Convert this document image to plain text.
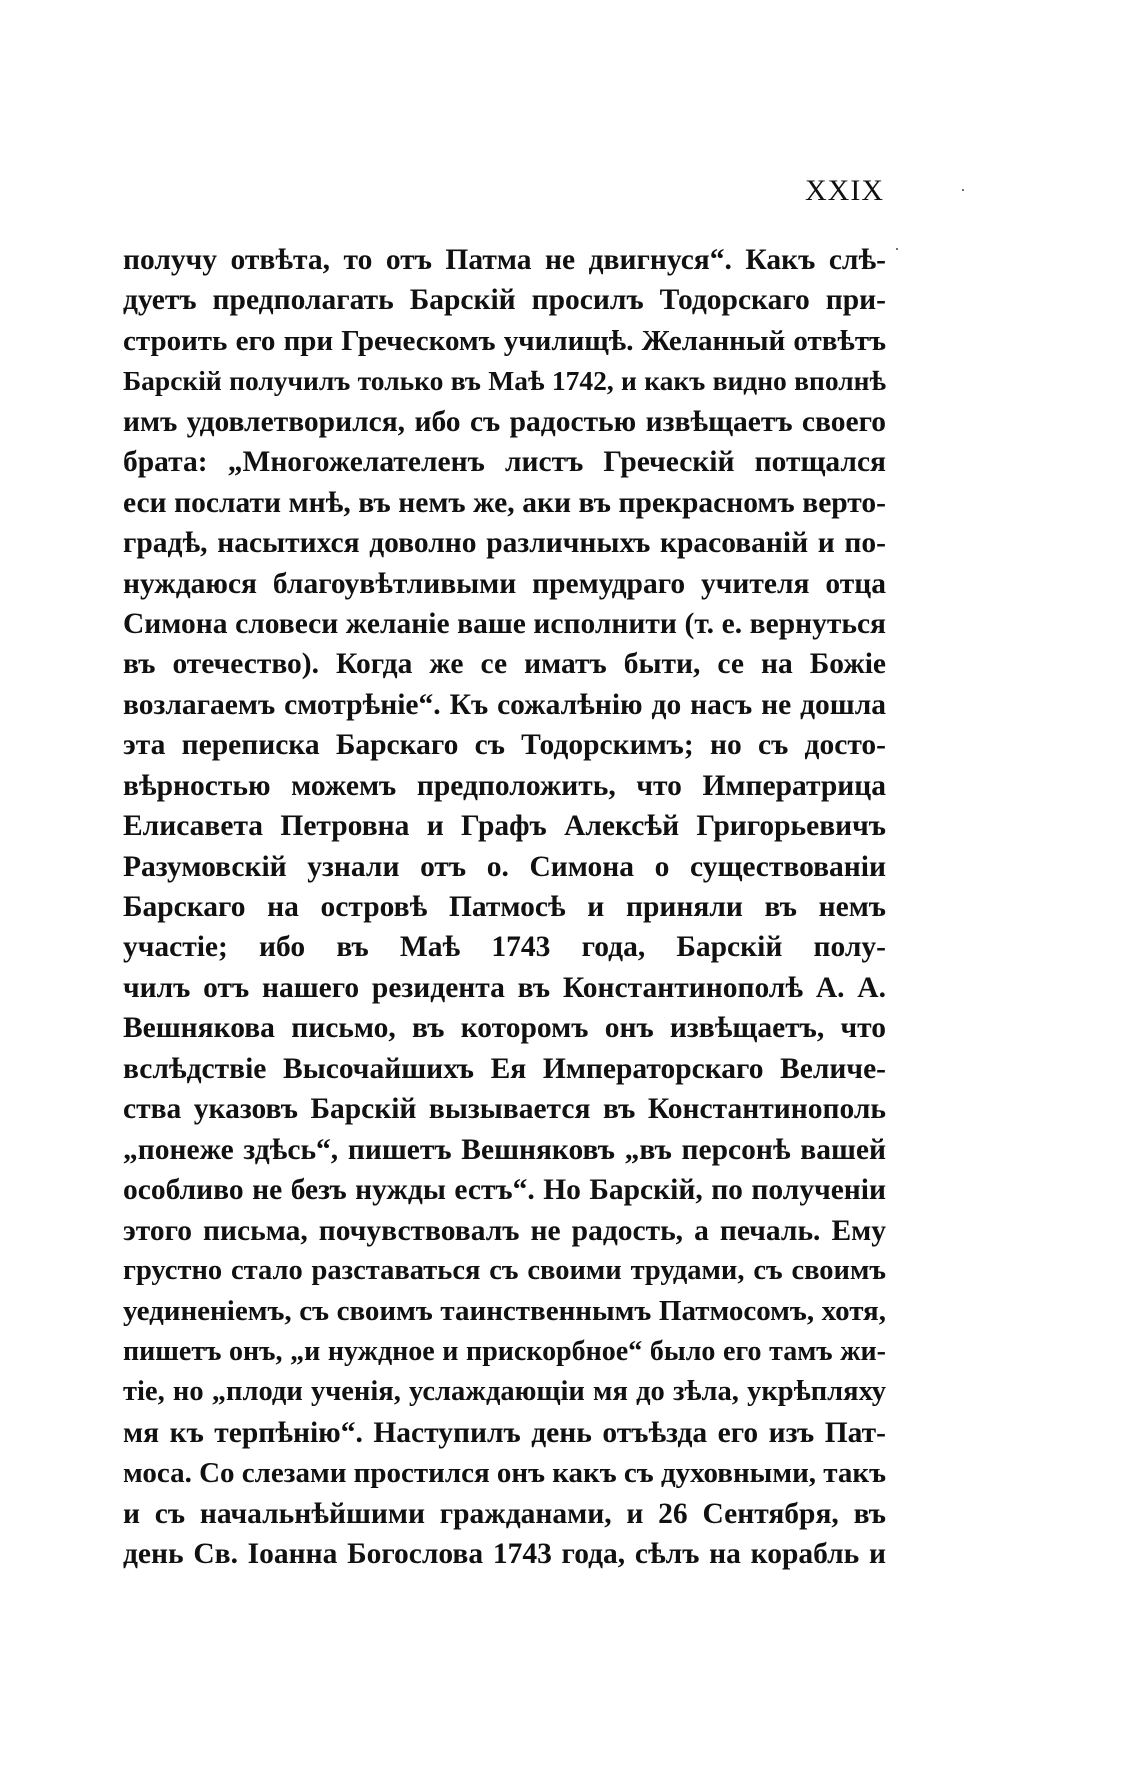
XXIX
получу отвѣта, то отъ Патма не двигнуся“. Какъ слѣ-
дуетъ предполагать Барскій просилъ Тодорскаго при-
строить его при Греческомъ училищѣ. Желанный отвѣтъ
Барскій получилъ только въ Маѣ 1742, и какъ видно вполнѣ
имъ удовлетворился, ибо съ радостью извѣщаетъ своего
брата: „Многожелателенъ листъ Греческій потщался
еси послати мнѣ, въ немъ же, аки въ прекрасномъ верто-
градѣ, насытихся доволно различныхъ красованій и по-
нуждаюся благоувѣтливыми премудраго учителя отца
Симона словеси желаніе ваше исполнити (т. е. вернуться
въ отечество). Когда же се иматъ быти, се на Божіе
возлагаемъ смотрѣніе“. Къ сожалѣнію до насъ не дошла
эта переписка Барскаго съ Тодорскимъ; но съ досто-
вѣрностью можемъ предположить, что Императрица
Елисавета Петровна и Графъ Алексѣй Григорьевичъ
Разумовскій узнали отъ о. Симона о существованіи
Барскаго на островѣ Патмосѣ и приняли въ немъ
участіе; ибо въ Маѣ 1743 года, Барскій полу-
чилъ отъ нашего резидента въ Константинополѣ А. А.
Вешнякова письмо, въ которомъ онъ извѣщаетъ, что
вслѣдствіе Высочайшихъ Ея Императорскаго Величе-
ства указовъ Барскій вызывается въ Константинополь
„понеже здѣсь“, пишетъ Вешняковъ „въ персонѣ вашей
особливо не безъ нужды естъ“. Но Барскій, по полученіи
этого письма, почувствовалъ не радость, а печаль. Ему
грустно стало разставаться съ своими трудами, съ своимъ
уединеніемъ, съ своимъ таинственнымъ Патмосомъ, хотя,
пишетъ онъ, „и нуждное и прискорбное“ было его тамъ жи-
тіе, но „плоди ученія, услаждающіи мя до зѣла, укрѣпляху
мя къ терпѣнію“. Наступилъ день отъѣзда его изъ Пат-
моса. Со слезами простился онъ какъ съ духовными, такъ
и съ начальнѣйшими гражданами, и 26 Сентября, въ
день Св. Іоанна Богослова 1743 года, сѣлъ на корабль и
